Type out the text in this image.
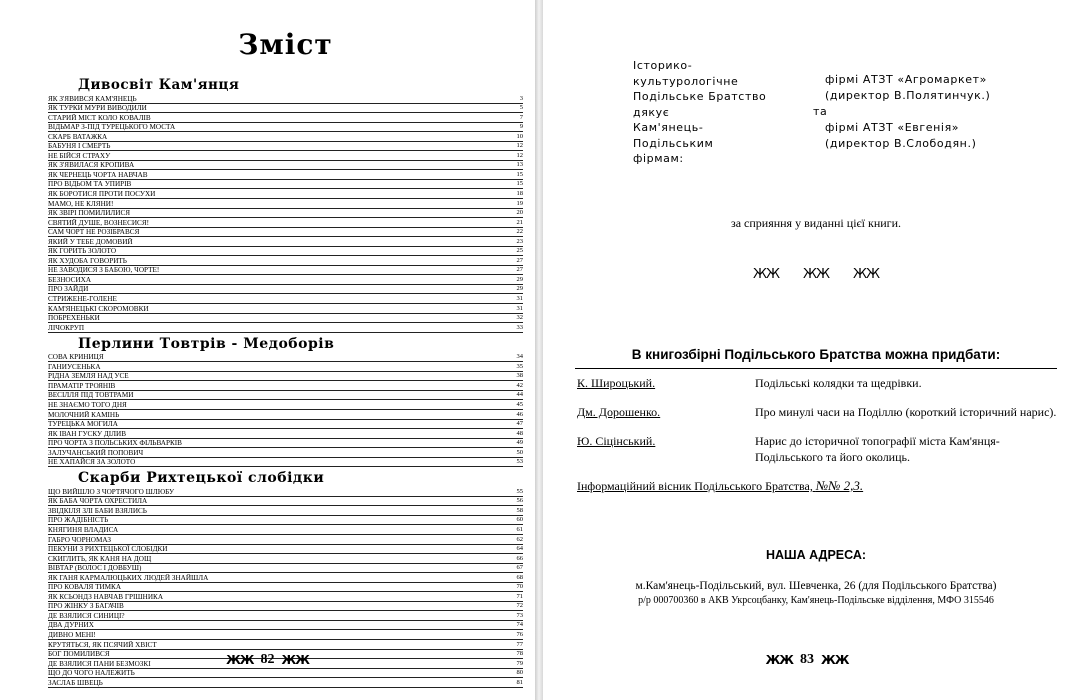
Зміст
Дивосвіт Кам'янця
ЯК З'ЯВИВСЯ КАМ'ЯНЕЦЬ	3
ЯК ТУРКИ МУРИ ВИВОДИЛИ	5
СТАРИЙ МІСТ КОЛО КОВАЛІВ	7
ВІДЬМАР З-ПІД ТУРЕЦЬКОГО МОСТА	9
СКАРБ ВАТАЖКА	10
БАБУНЯ І СМЕРТЬ	12
НЕ БІЙСЯ СТРАХУ	12
ЯК З'ЯВИЛАСЯ КРОПИВА	13
ЯК ЧЕРНЕЦЬ ЧОРТА НАВЧАВ	15
ПРО ВІДЬОМ ТА УПИРІВ	15
ЯК БОРОТИСЯ ПРОТИ ПОСУХИ	18
МАМО, НЕ КЛЯНИ!	19
ЯК ЗВІРІ ПОМИЛИЛИСЯ	20
СВЯТИЙ ДУШЕ, ВОЗНЕСИСЯ!	21
САМ ЧОРТ НЕ РОЗІБРАВСЯ	22
ЯКИЙ У ТЕБЕ ДОМОВИЙ	23
ЯК ГОРИТЬ ЗОЛОТО	25
ЯК ХУДОБА ГОВОРИТЬ	27
НЕ ЗАВОДИСЯ З БАБОЮ, ЧОРТЕ!	27
БЕЗНОСИХА	29
ПРО ЗАЙДИ	29
СТРИЖЕНЕ-ГОЛЕНЕ	31
КАМ'ЯНЕЦЬКІ СКОРОМОВКИ	31
ПОБРЕХЕНЬКИ	32
ЛІЧОКРУП	33
Перлини Товтрів - Медоборів
СОВА КРИНИЦЯ	34
ГАНИУСЕНЬКА	35
РІДНА ЗЕМЛЯ НАД УСЕ	38
ПРАМАТІР ТРОЯНІВ	42
ВЕСІЛЛЯ ПІД ТОВТРАМИ	44
НЕ ЗНАЄМО ТОГО ДНЯ	45
МОЛОЧНИЙ КАМІНЬ	46
ТУРЕЦЬКА МОГИЛА	47
ЯК ІВАН ГУСКУ ДІЛИВ	48
ПРО ЧОРТА З ПОЛЬСЬКИХ ФІЛЬВАРКІВ	49
ЗАЛУЧАНСЬКИЙ ПОПОВИЧ	50
НЕ ХАПАЙСЯ ЗА ЗОЛОТО	53
Скарби Рихтецької слобідки
ЩО ВИЙШЛО З ЧОРТЯЧОГО ШЛЮБУ	55
ЯК БАБА ЧОРТА ОХРЕСТИЛА	56
ЗВІДКІЛЯ ЗЛІ БАБИ ВЗЯЛИСЬ	58
ПРО ЖАДІБНІСТЬ	60
КНЯГИНЯ ВЛАДИСА	61
ГАБРО ЧОРНОМАЗ	62
ПЕКУНИ З РИХТЕЦЬКОЇ СЛОБІДКИ	64
СКИГЛИТЬ, ЯК КАНЯ НА ДОЩ	66
ВІВТАР (ВОЛОС І ДОВБУШ)	67
ЯК ГАНЯ КАРМАЛЮЦЬКИХ ЛЮДЕЙ ЗНАЙШЛА	68
ПРО КОВАЛЯ ТИМКА	70
ЯК КСЬОНДЗ НАВЧАВ ГРІШНИКА	71
ПРО ЖІНКУ З БАГАЧІВ	72
ДЕ ВЗЯЛИСЯ СИНИЦІ?	73
ДВА ДУРНИХ	74
ДИВНО МЕНІ!	76
КРУТЯТЬСЯ, ЯК ПСЯЧИЙ ХВІСТ	77
БОГ ПОМИЛИВСЯ	78
ДЕ ВЗЯЛИСЯ ПАНИ БЕЗМОЗКІ	79
ЩО ДО ЧОГО НАЛЕЖИТЬ	80
ЗАСЛАБ ШВЕЦЬ	81
ЖЖ 82 ЖЖ
Історико-
культурологічне
Подільське Братство
дякує
Кам'янець-
Подільським
фірмам:
фірмі АТЗТ «Агромаркет»
(директор В.Полятинчук.)
та
фірмі АТЗТ «Евгенія»
(директор В.Слободян.)
за сприяння у виданні цієї книги.
ЖЖ ЖЖ ЖЖ
В книгозбірні Подільського Братства можна придбати:
К. Широцький.	Подільські колядки та щедрівки.
Дм. Дорошенко.	Про минулі часи на Поділлю (короткий історичний нарис).
Ю. Сіцінський.	Нарис до історичної топографії міста Кам'янця-Подільського та його околиць.
Інформаційний вісник Подільського Братства, №№ 2,3.
НАША АДРЕСА:
м.Кам'янець-Подільський, вул. Шевченка, 26 (для Подільського Братства)
р/р 000700360 в АКВ Укрсоцбанку, Кам'янець-Подільське відділення, МФО 315546
ЖЖ 83 ЖЖ
